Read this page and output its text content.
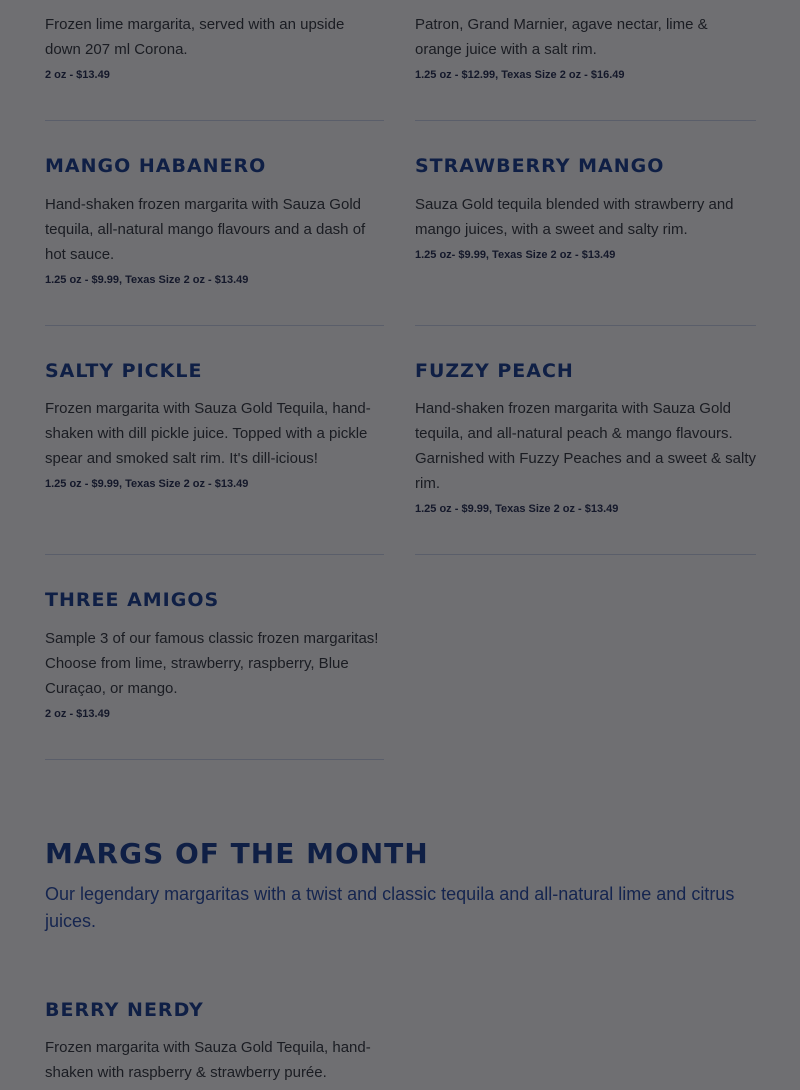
Frozen lime margarita, served with an upside down 207 ml Corona.

2 oz - $13.49

Patron, Grand Marnier, agave nectar, lime & orange juice with a salt rim.

1.25 oz - $12.99, Texas Size 2 oz - $16.49

MANGO HABANERO

Hand-shaken frozen margarita with Sauza Gold tequila, all-natural mango flavours and a dash of hot sauce.

1.25 oz - $9.99, Texas Size 2 oz - $13.49

STRAWBERRY MANGO

Sauza Gold tequila blended with strawberry and mango juices, with a sweet and salty rim.

1.25 oz- $9.99, Texas Size 2 oz - $13.49

SALTY PICKLE

Frozen margarita with Sauza Gold Tequila, hand-shaken with dill pickle juice. Topped with a pickle spear and smoked salt rim. It's dill-icious!

1.25 oz - $9.99, Texas Size 2 oz - $13.49

FUZZY PEACH

Hand-shaken frozen margarita with Sauza Gold tequila, and all-natural peach & mango flavours. Garnished with Fuzzy Peaches and a sweet & salty rim.

1.25 oz - $9.99, Texas Size 2 oz - $13.49

THREE AMIGOS

Sample 3 of our famous classic frozen margaritas! Choose from lime, strawberry, raspberry, Blue Curaçao, or mango.

2 oz - $13.49

MARGS OF THE MONTH

Our legendary margaritas with a twist and classic tequila and all-natural lime and citrus juices.

BERRY NERDY

Frozen margarita with Sauza Gold Tequila, hand-shaken with raspberry & strawberry purée.
